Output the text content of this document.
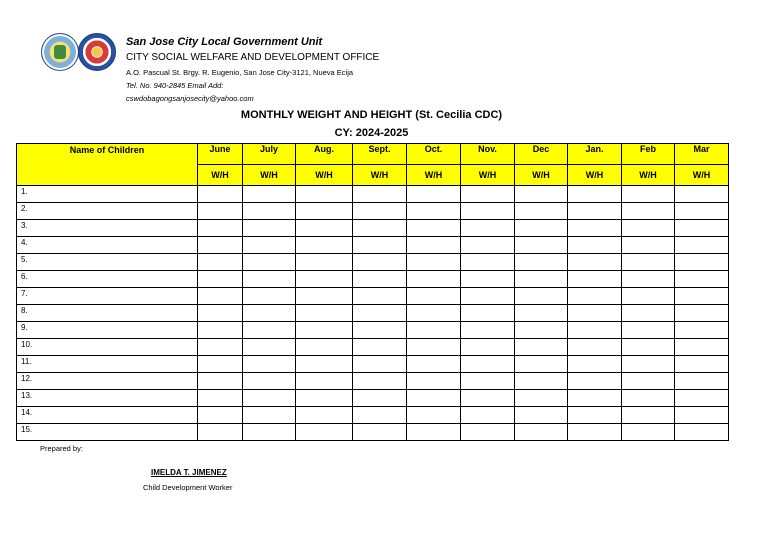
San Jose City Local Government Unit
CITY SOCIAL WELFARE AND DEVELOPMENT OFFICE
A.O. Pascual St. Brgy. R. Eugenio, San Jose City-3121, Nueva Ecija
Tel. No. 940-2845 Email Add:
cswdobagongsanjosecity@yahoo.com
MONTHLY WEIGHT AND HEIGHT (St. Cecilia CDC)
CY: 2024-2025
Name of Children	June	July	Aug.	Sept.	Oct.	Nov.	Dec	Jan.	Feb	Mar
	W/H	W/H	W/H	W/H	W/H	W/H	W/H	W/H	W/H	W/H
1.										
2.										
3.										
4.										
5.										
6.										
7.										
8.										
9.										
10.										
11.										
12.										
13.										
14.										
15.										
Prepared by:
IMELDA T. JIMENEZ
Child Development Worker
